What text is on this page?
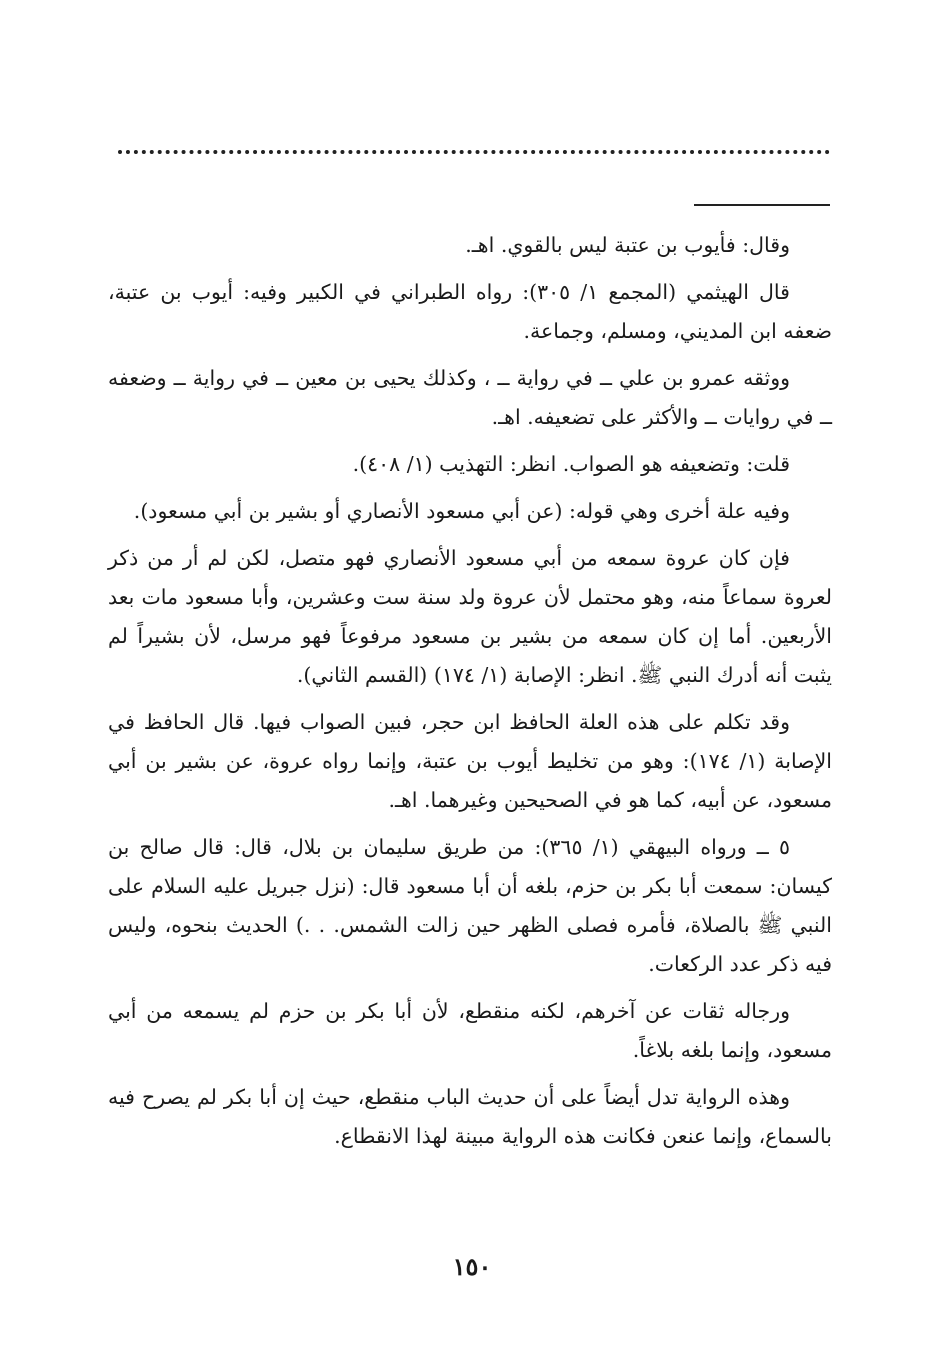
وقال: فأيوب بن عتبة ليس بالقوي. اهـ.

قال الهيثمي (المجمع ١/ ٣٠٥): رواه الطبراني في الكبير وفيه: أيوب بن عتبة، ضعفه ابن المديني، ومسلم، وجماعة.

ووثقه عمرو بن علي ــ في رواية ــ ، وكذلك يحيى بن معين ــ في رواية ــ وضعفه ــ في روايات ــ والأكثر على تضعيفه. اهـ.

قلت: وتضعيفه هو الصواب. انظر: التهذيب (١/ ٤٠٨).

وفيه علة أخرى وهي قوله: (عن أبي مسعود الأنصاري أو بشير بن أبي مسعود).

فإن كان عروة سمعه من أبي مسعود الأنصاري فهو متصل، لكن لم أر من ذكر لعروة سماعاً منه، وهو محتمل لأن عروة ولد سنة ست وعشرين، وأبا مسعود مات بعد الأربعين. أما إن كان سمعه من بشير بن مسعود مرفوعاً فهو مرسل، لأن بشيراً لم يثبت أنه أدرك النبي ﷺ. انظر: الإصابة (١/ ١٧٤) (القسم الثاني).

وقد تكلم على هذه العلة الحافظ ابن حجر، فبين الصواب فيها. قال الحافظ في الإصابة (١/ ١٧٤): وهو من تخليط أيوب بن عتبة، وإنما رواه عروة، عن بشير بن أبي مسعود، عن أبيه، كما هو في الصحيحين وغيرهما. اهـ.

٥ ــ ورواه البيهقي (١/ ٣٦٥): من طريق سليمان بن بلال، قال: قال صالح بن كيسان: سمعت أبا بكر بن حزم، بلغه أن أبا مسعود قال: (نزل جبريل عليه السلام على النبي ﷺ بالصلاة، فأمره فصلى الظهر حين زالت الشمس. . .) الحديث بنحوه، وليس فيه ذكر عدد الركعات.

ورجاله ثقات عن آخرهم، لكنه منقطع، لأن أبا بكر بن حزم لم يسمعه من أبي مسعود، وإنما بلغه بلاغاً.

وهذه الرواية تدل أيضاً على أن حديث الباب منقطع، حيث إن أبا بكر لم يصرح فيه بالسماع، وإنما عنعن فكانت هذه الرواية مبينة لهذا الانقطاع.

١٥٠
